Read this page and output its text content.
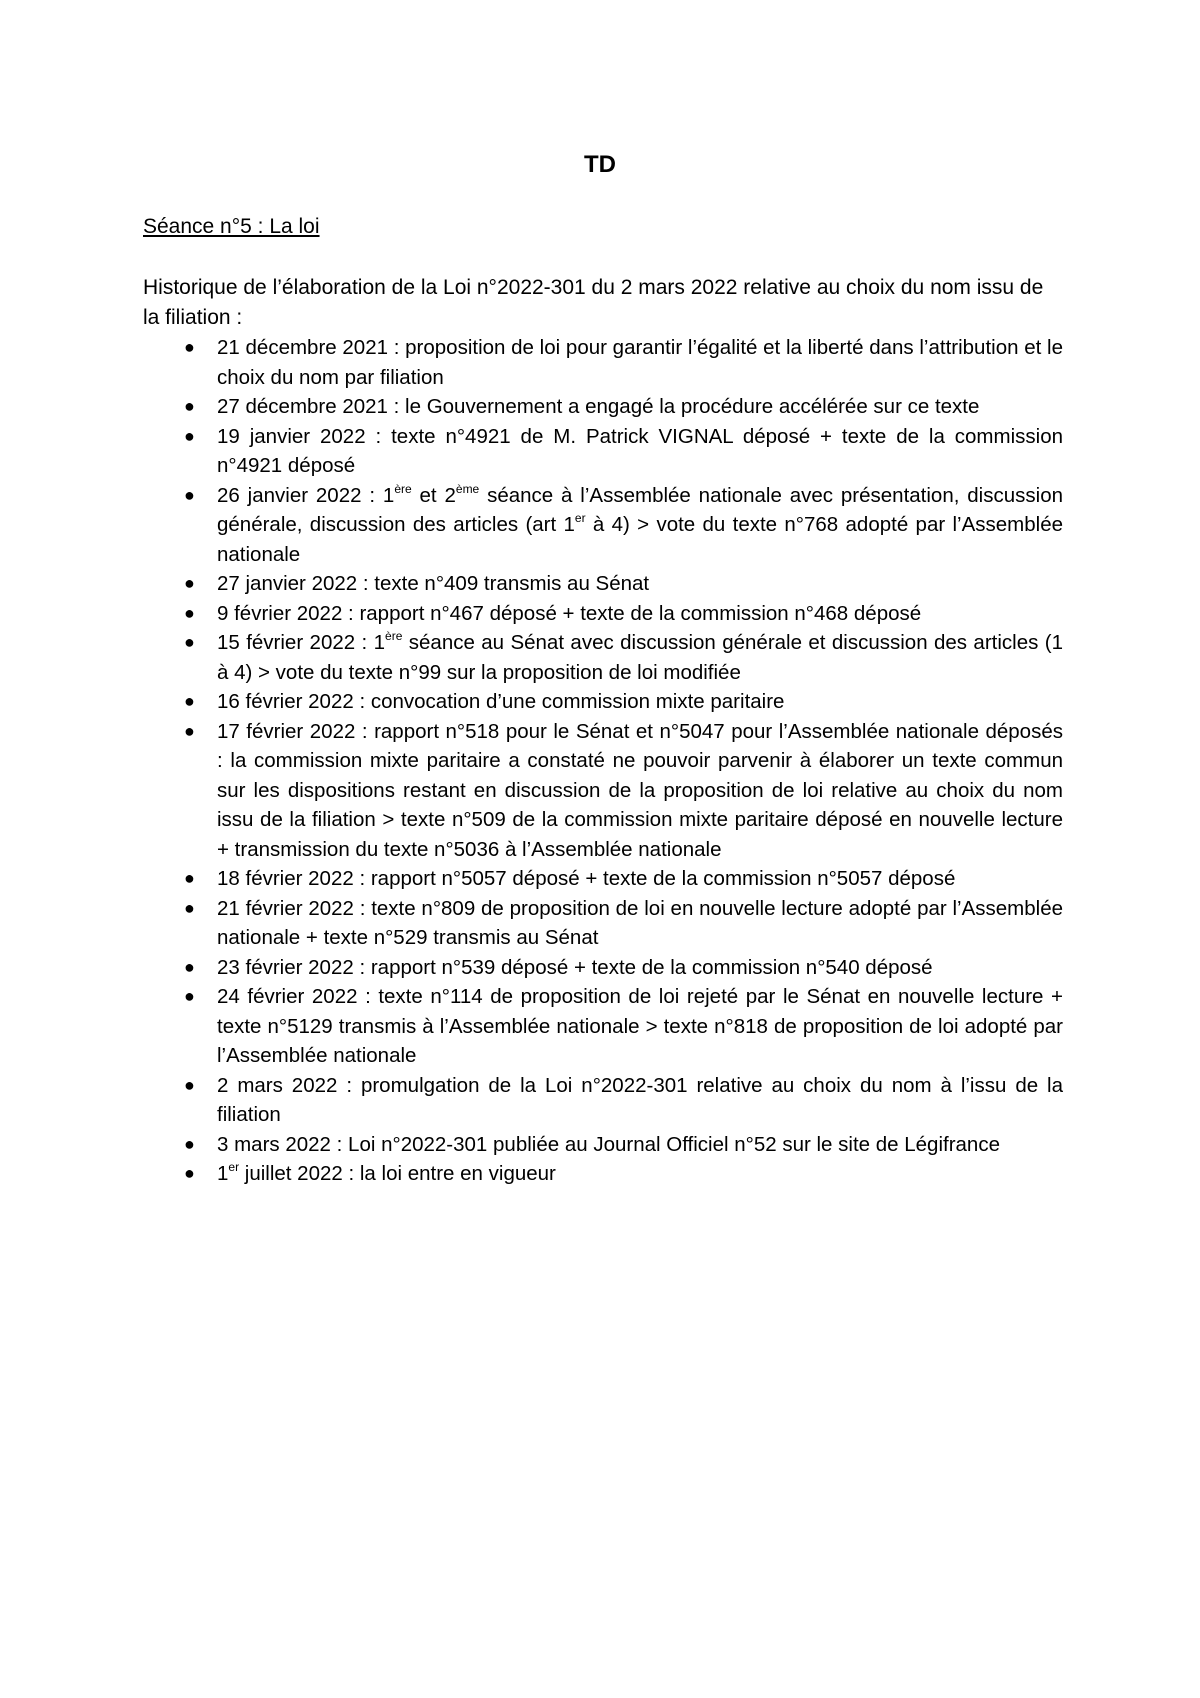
TD
Séance n°5 : La loi

Historique de l’élaboration de la Loi n°2022-301 du 2 mars 2022 relative au choix du nom issu de la filiation :

● 21 décembre 2021 : proposition de loi pour garantir l’égalité et la liberté dans l’attribution et le choix du nom par filiation
● 27 décembre 2021 : le Gouvernement a engagé la procédure accélérée sur ce texte
● 19 janvier 2022 : texte n°4921 de M. Patrick VIGNAL déposé + texte de la commission n°4921 déposé
● 26 janvier 2022 : 1ère et 2ème séance à l’Assemblée nationale avec présentation, discussion générale, discussion des articles (art 1er à 4) > vote du texte n°768 adopté par l’Assemblée nationale
● 27 janvier 2022 : texte n°409 transmis au Sénat
● 9 février 2022 : rapport n°467 déposé + texte de la commission n°468 déposé
● 15 février 2022 : 1ère séance au Sénat avec discussion générale et discussion des articles (1 à 4) > vote du texte n°99 sur la proposition de loi modifiée
● 16 février 2022 : convocation d’une commission mixte paritaire
● 17 février 2022 : rapport n°518 pour le Sénat et n°5047 pour l’Assemblée nationale déposés : la commission mixte paritaire a constaté ne pouvoir parvenir à élaborer un texte commun sur les dispositions restant en discussion de la proposition de loi relative au choix du nom issu de la filiation > texte n°509 de la commission mixte paritaire déposé en nouvelle lecture + transmission du texte n°5036 à l’Assemblée nationale
● 18 février 2022 : rapport n°5057 déposé + texte de la commission n°5057 déposé
● 21 février 2022 : texte n°809 de proposition de loi en nouvelle lecture adopté par l’Assemblée nationale + texte n°529 transmis au Sénat
● 23 février 2022 : rapport n°539 déposé + texte de la commission n°540 déposé
● 24 février 2022 : texte n°114 de proposition de loi rejeté par le Sénat en nouvelle lecture + texte n°5129 transmis à l’Assemblée nationale > texte n°818 de proposition de loi adopté par l’Assemblée nationale
● 2 mars 2022 : promulgation de la Loi n°2022-301 relative au choix du nom à l’issu de la filiation
● 3 mars 2022 : Loi n°2022-301 publiée au Journal Officiel n°52 sur le site de Légifrance
● 1er juillet 2022 : la loi entre en vigueur
